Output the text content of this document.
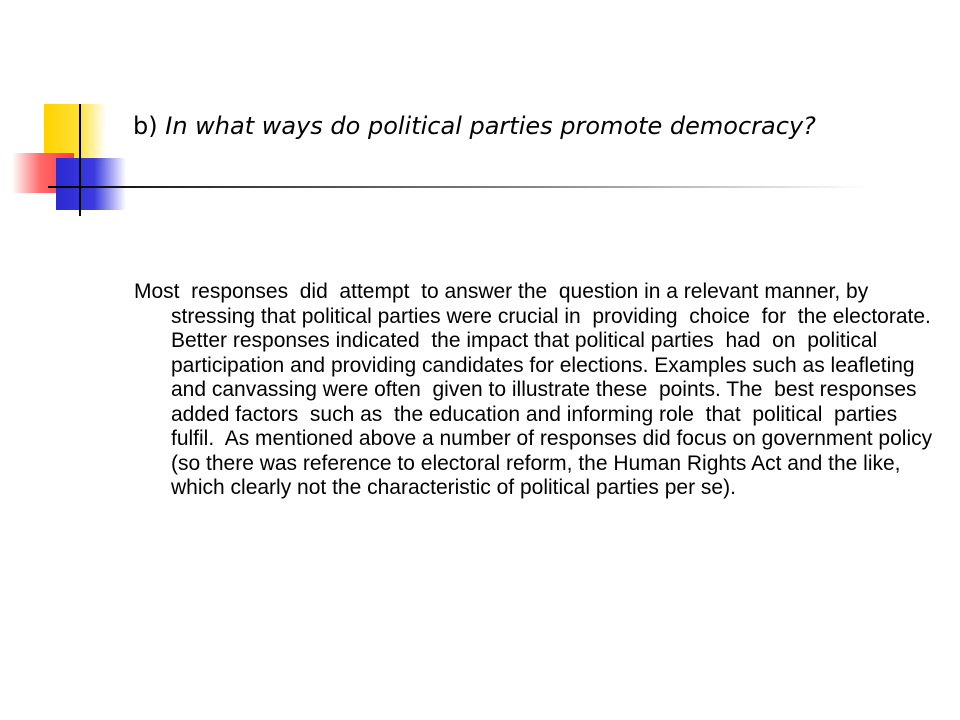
b) In what ways do political parties promote democracy?
Most  responses  did  attempt  to answer the  question in a relevant manner, by stressing that political parties were crucial in  providing  choice  for  the electorate. Better responses indicated  the impact that political parties  had  on  political participation and providing candidates for elections. Examples such as leafleting and canvassing were often  given to illustrate these  points. The  best responses  added factors  such as  the education and informing role  that  political  parties fulfil.  As mentioned above a number of responses did focus on government policy (so there was reference to electoral reform, the Human Rights Act and the like, which clearly not the characteristic of political parties per se).
